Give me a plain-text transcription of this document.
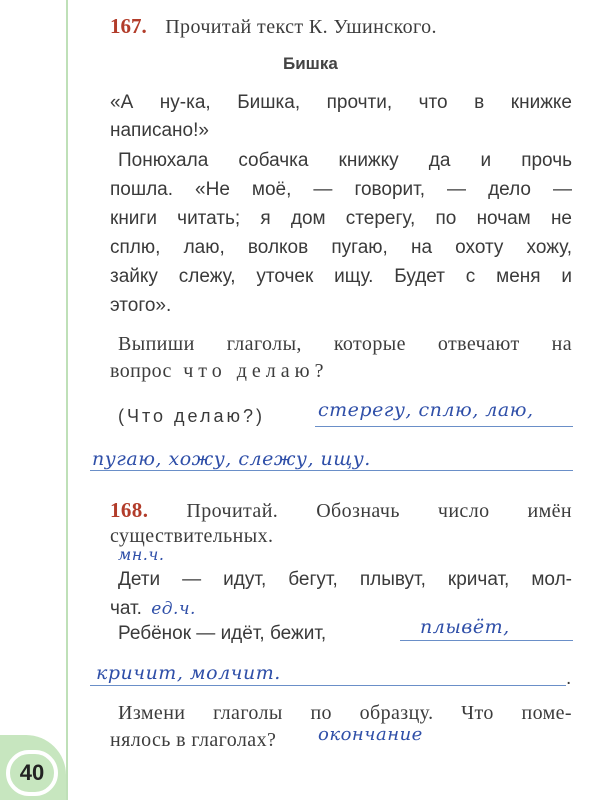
40
167. Прочитай текст К. Ушинского.
Бишка
«А ну-ка, Бишка, прочти, что в книжке
написано!»
Понюхала собачка книжку да и прочь
пошла. «Не моё, — говорит, — дело —
книги читать; я дом стерегу, по ночам не
сплю, лаю, волков пугаю, на охоту хожу,
зайку слежу, уточек ищу. Будет с меня и
этого».
Выпиши глаголы, которые отвечают на
вопрос что делаю?
(Что делаю?)	стерегу, сплю, лаю,
пугаю, хожу, слежу, ищу.
168. Прочитай. Обозначь число имён
существительных.
мн.ч.
Дети — идут, бегут, плывут, кричат, мол-
чат. ед.ч.
Ребёнок — идёт, бежит,	плывёт,
кричит, молчит.	.
Измени глаголы по образцу. Что поме-
нялось в глаголах? окончание
